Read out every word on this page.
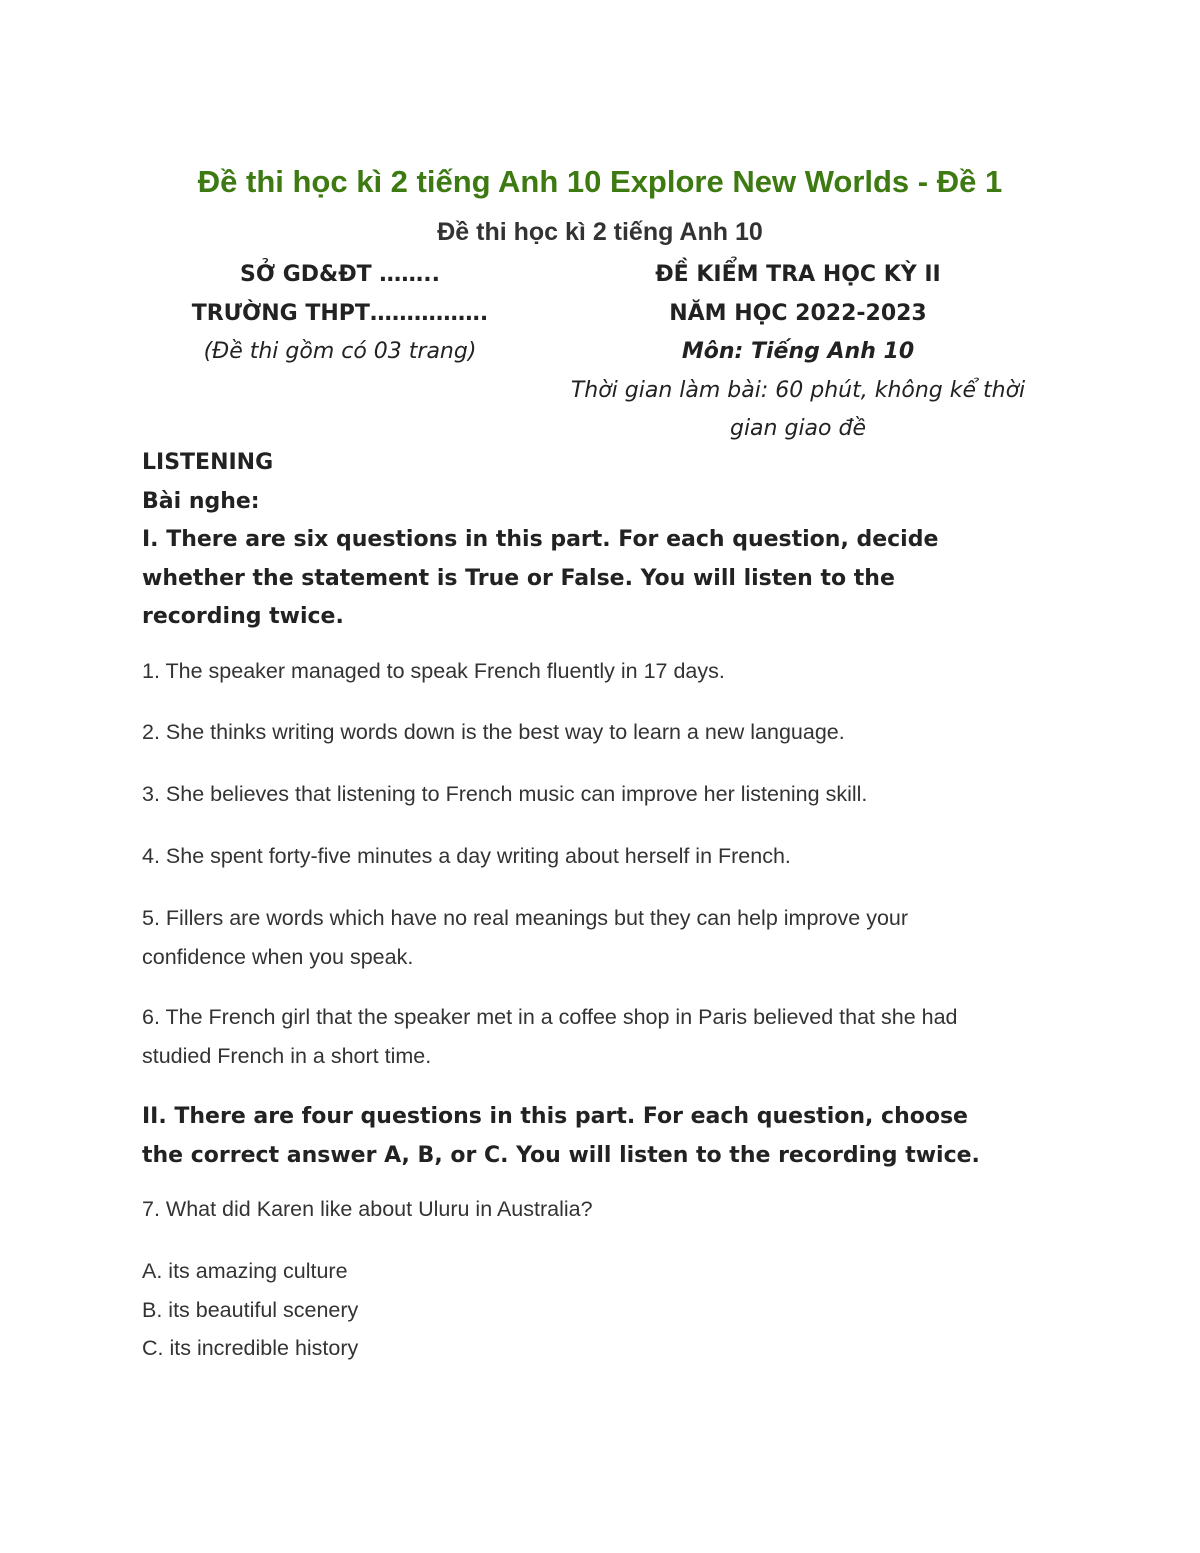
Đề thi học kì 2 tiếng Anh 10 Explore New Worlds - Đề 1
Đề thi học kì 2 tiếng Anh 10
SỞ GD&ĐT ……..
TRƯỜNG THPT…………….
(Đề thi gồm có 03 trang)
ĐỀ KIỂM TRA HỌC KỲ II
NĂM HỌC 2022-2023
Môn: Tiếng Anh 10
Thời gian làm bài: 60 phút, không kể thời
gian giao đề

LISTENING

Bài nghe:

I. There are six questions in this part. For each question, decide

whether the statement is True or False. You will listen to the

recording twice.

1. The speaker managed to speak French fluently in 17 days.

2. She thinks writing words down is the best way to learn a new language.

3. She believes that listening to French music can improve her listening skill.

4. She spent forty-five minutes a day writing about herself in French.

5. Fillers are words which have no real meanings but they can help improve your

confidence when you speak.

6. The French girl that the speaker met in a coffee shop in Paris believed that she had

studied French in a short time.

II. There are four questions in this part. For each question, choose

the correct answer A, B, or C. You will listen to the recording twice.

7. What did Karen like about Uluru in Australia?

A. its amazing culture

B. its beautiful scenery

C. its incredible history
